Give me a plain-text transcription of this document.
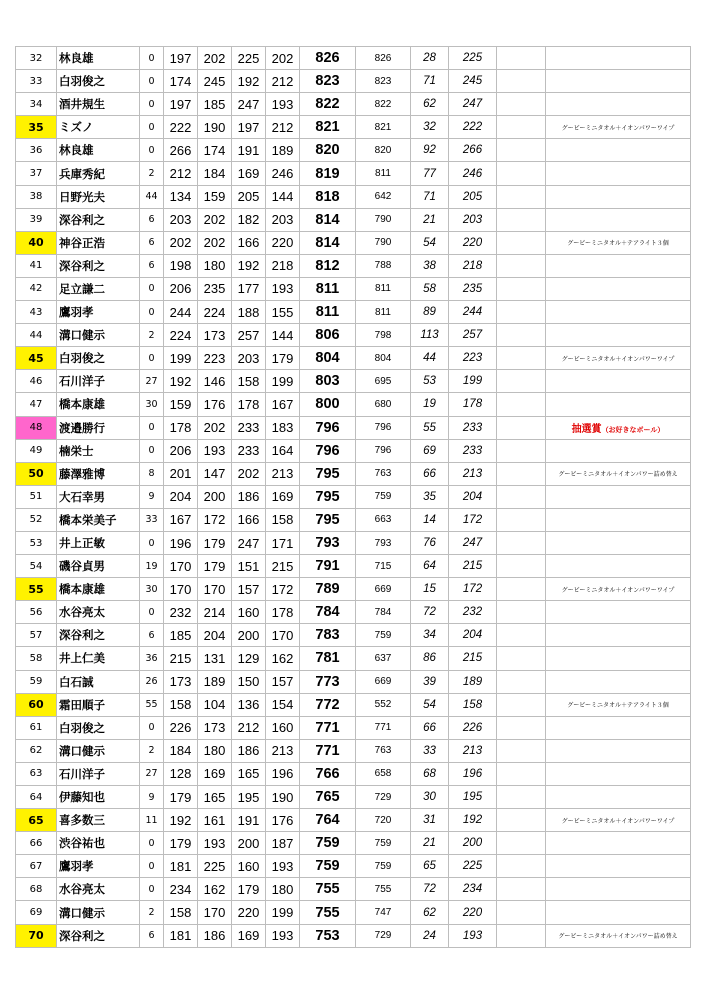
32	林良雄	0	197	202	225	202	826	826	28	225		
33	白羽俊之	0	174	245	192	212	823	823	71	245		
34	酒井規生	0	197	185	247	193	822	822	62	247		
35	ミズノ	0	222	190	197	212	821	821	32	222		グービーミニタオル＋イオンパワーワイプ
36	林良雄	0	266	174	191	189	820	820	92	266		
37	兵庫秀紀	2	212	184	169	246	819	811	77	246		
38	日野光夫	44	134	159	205	144	818	642	71	205		
39	深谷利之	6	203	202	182	203	814	790	21	203		
40	神谷正浩	6	202	202	166	220	814	790	54	220		グービーミニタオル＋テアライト３個
41	深谷利之	6	198	180	192	218	812	788	38	218		
42	足立謙二	0	206	235	177	193	811	811	58	235		
43	鷹羽孝	0	244	224	188	155	811	811	89	244		
44	溝口健示	2	224	173	257	144	806	798	113	257		
45	白羽俊之	0	199	223	203	179	804	804	44	223		グービーミニタオル＋イオンパワーワイプ
46	石川洋子	27	192	146	158	199	803	695	53	199		
47	橋本康雄	30	159	176	178	167	800	680	19	178		
48	渡邉勝行	0	178	202	233	183	796	796	55	233		抽選賞（お好きなボール）
49	楠栄士	0	206	193	233	164	796	796	69	233		
50	藤澤雅博	8	201	147	202	213	795	763	66	213		グービーミニタオル＋イオンパワー詰め替え
51	大石幸男	9	204	200	186	169	795	759	35	204		
52	橋本栄美子	33	167	172	166	158	795	663	14	172		
53	井上正敏	0	196	179	247	171	793	793	76	247		
54	磯谷貞男	19	170	179	151	215	791	715	64	215		
55	橋本康雄	30	170	170	157	172	789	669	15	172		グービーミニタオル＋イオンパワーワイプ
56	水谷亮太	0	232	214	160	178	784	784	72	232		
57	深谷利之	6	185	204	200	170	783	759	34	204		
58	井上仁美	36	215	131	129	162	781	637	86	215		
59	白石誠	26	173	189	150	157	773	669	39	189		
60	霜田順子	55	158	104	136	154	772	552	54	158		グービーミニタオル＋テアライト３個
61	白羽俊之	0	226	173	212	160	771	771	66	226		
62	溝口健示	2	184	180	186	213	771	763	33	213		
63	石川洋子	27	128	169	165	196	766	658	68	196		
64	伊藤知也	9	179	165	195	190	765	729	30	195		
65	喜多数三	11	192	161	191	176	764	720	31	192		グービーミニタオル＋イオンパワーワイプ
66	渋谷祐也	0	179	193	200	187	759	759	21	200		
67	鷹羽孝	0	181	225	160	193	759	759	65	225		
68	水谷亮太	0	234	162	179	180	755	755	72	234		
69	溝口健示	2	158	170	220	199	755	747	62	220		
70	深谷利之	6	181	186	169	193	753	729	24	193		グービーミニタオル＋イオンパワー詰め替え
